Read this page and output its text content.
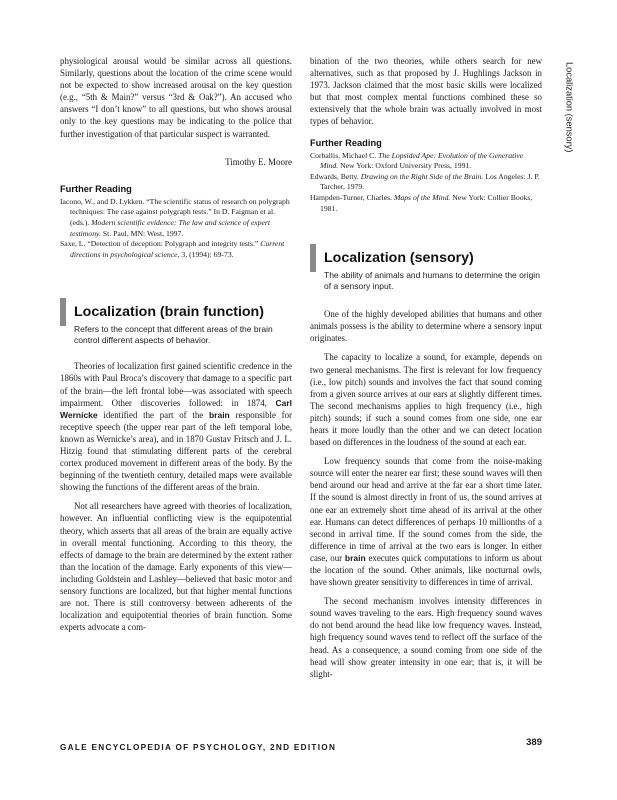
Localization (sensory)

physiological arousal would be similar across all questions. Similarly, questions about the location of the crime scene would not be expected to show increased arousal on the key question (e.g., “5th & Main?” versus “3rd & Oak?”). An accused who answers “I don’t know” to all questions, but who shows arousal only to the key questions may be indicating to the police that further investigation of that particular suspect is warranted.

Timothy E. Moore

Further Reading

Iacono, W., and D. Lykken. “The scientific status of research on polygraph techniques: The case against polygraph tests.” In D. Faigman et al. (eds.). Modern scientific evidence: The law and science of expert testimony. St. Paul, MN: West, 1997.

Saxe, L. “Detection of deception: Polygraph and integrity tests.” Current directions in psychological science, 3, (1994): 69-73.

Localization (brain function)

Refers to the concept that different areas of the brain control different aspects of behavior.

Theories of localization first gained scientific credence in the 1860s with Paul Broca’s discovery that damage to a specific part of the brain—the left frontal lobe—was associated with speech impairment. Other discoveries followed: in 1874, Carl Wernicke identified the part of the brain responsible for receptive speech (the upper rear part of the left temporal lobe, known as Wernicke’s area), and in 1870 Gustav Fritsch and J. L. Hitzig found that stimulating different parts of the cerebral cortex produced movement in different areas of the body. By the beginning of the twentieth century, detailed maps were available showing the functions of the different areas of the brain.

Not all researchers have agreed with theories of localization, however. An influential conflicting view is the equipotential theory, which asserts that all areas of the brain are equally active in overall mental functioning. According to this theory, the effects of damage to the brain are determined by the extent rather than the location of the damage. Early exponents of this view—including Goldstein and Lashley—believed that basic motor and sensory functions are localized, but that higher mental functions are not. There is still controversy between adherents of the localization and equipotential theories of brain function. Some experts advocate a com-

bination of the two theories, while others search for new alternatives, such as that proposed by J. Hughlings Jackson in 1973. Jackson claimed that the most basic skills were localized but that most complex mental functions combined these so extensively that the whole brain was actually involved in most types of behavior.

Further Reading

Corballis, Michael C. The Lopsided Ape: Evolution of the Generative Mind. New York: Oxford University Press, 1991.

Edwards, Betty. Drawing on the Right Side of the Brain. Los Angeles: J. P. Tarcher, 1979.

Hampden-Turner, Charles. Maps of the Mind. New York: Collier Books, 1981.

Localization (sensory)

The ability of animals and humans to determine the origin of a sensory input.

One of the highly developed abilities that humans and other animals possess is the ability to determine where a sensory input originates.

The capacity to localize a sound, for example, depends on two general mechanisms. The first is relevant for low frequency (i.e., low pitch) sounds and involves the fact that sound coming from a given source arrives at our ears at slightly different times. The second mechanisms applies to high frequency (i.e., high pitch) sounds; if such a sound comes from one side, one ear hears it more loudly than the other and we can detect location based on differences in the loudness of the sound at each ear.

Low frequency sounds that come from the noise-making source will enter the nearer ear first; these sound waves will then bend around our head and arrive at the far ear a short time later. If the sound is almost directly in front of us, the sound arrives at one ear an extremely short time ahead of its arrival at the other ear. Humans can detect differences of perhaps 10 millionths of a second in arrival time. If the sound comes from the side, the difference in time of arrival at the two ears is longer. In either case, our brain executes quick computations to inform us about the location of the sound. Other animals, like nocturnal owls, have shown greater sensitivity to differences in time of arrival.

The second mechanism involves intensity differences in sound waves traveling to the ears. High frequency sound waves do not bend around the head like low frequency waves. Instead, high frequency sound waves tend to reflect off the surface of the head. As a consequence, a sound coming from one side of the head will show greater intensity in one ear; that is, it will be slight-

GALE ENCYCLOPEDIA OF PSYCHOLOGY, 2ND EDITION	389
